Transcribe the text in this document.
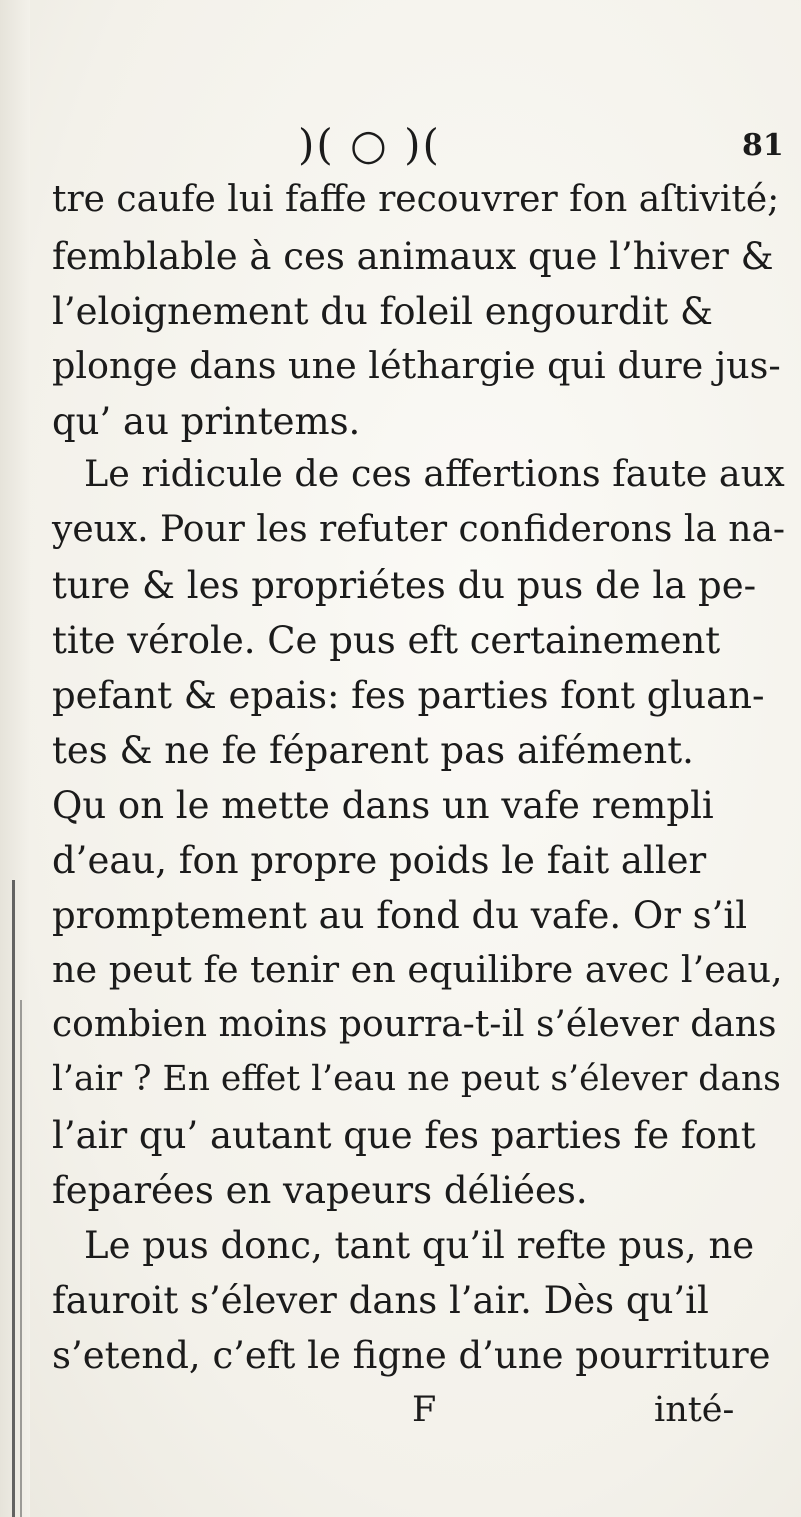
)( ○ )(	81
tre caufe lui faffe recouvrer fon aſtivité;
femblable à ces animaux que l’hiver &
l’eloignement du foleil engourdit &
plonge dans une léthargie qui dure jus-
qu’ au printems.
Le ridicule de ces affertions faute aux
yeux. Pour les refuter confiderons la na-
ture & les propriétes du pus de la pe-
tite vérole. Ce pus eft certainement
pefant & epais: fes parties font gluan-
tes & ne fe féparent pas aifément.
Qu on le mette dans un vafe rempli
d’eau, fon propre poids le fait aller
promptement au fond du vafe. Or s’il
ne peut fe tenir en equilibre avec l’eau,
combien moins pourra-t-il s’élever dans
l’air ? En effet l’eau ne peut s’élever dans
l’air qu’ autant que fes parties fe font
feparées en vapeurs déliées.
Le pus donc, tant qu’il refte pus, ne
fauroit s’élever dans l’air. Dès qu’il
s’etend, c’eft le figne d’une pourriture
F	inté-
